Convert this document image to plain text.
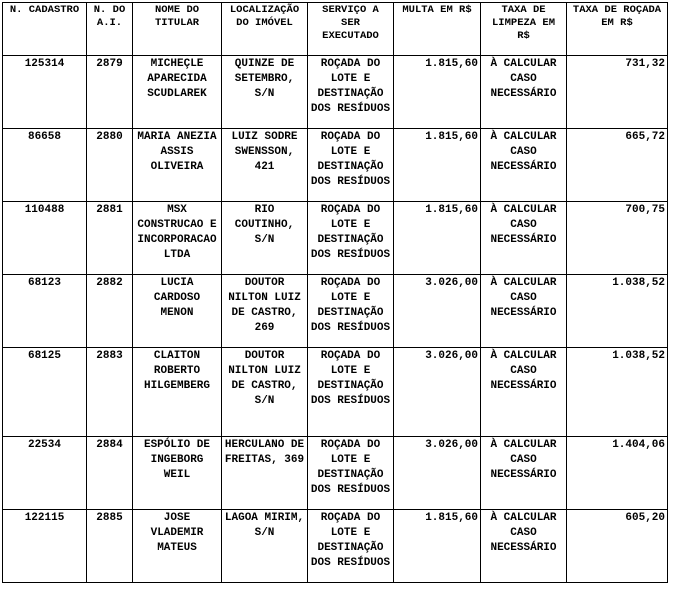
N. CADASTRO	N. DO A.I.	NOME DO TITULAR	LOCALIZAÇÃO DO IMÓVEL	SERVIÇO A SER EXECUTADO	MULTA EM R$	TAXA DE LIMPEZA EM R$	TAXA DE ROÇADA EM R$
125314	2879	MICHEÇLE APARECIDA SCUDLAREK	QUINZE DE SETEMBRO, S/N	ROÇADA DO LOTE E DESTINAÇÃO DOS RESÍDUOS	1.815,60	À CALCULAR CASO NECESSÁRIO	731,32
86658	2880	MARIA ANEZIA ASSIS OLIVEIRA	LUIZ SODRE SWENSSON, 421	ROÇADA DO LOTE E DESTINAÇÃO DOS RESÍDUOS	1.815,60	À CALCULAR CASO NECESSÁRIO	665,72
110488	2881	MSX CONSTRUCAO E INCORPORACAO LTDA	RIO COUTINHO, S/N	ROÇADA DO LOTE E DESTINAÇÃO DOS RESÍDUOS	1.815,60	À CALCULAR CASO NECESSÁRIO	700,75
68123	2882	LUCIA CARDOSO MENON	DOUTOR NILTON LUIZ DE CASTRO, 269	ROÇADA DO LOTE E DESTINAÇÃO DOS RESÍDUOS	3.026,00	À CALCULAR CASO NECESSÁRIO	1.038,52
68125	2883	CLAITON ROBERTO HILGEMBERG	DOUTOR NILTON LUIZ DE CASTRO, S/N	ROÇADA DO LOTE E DESTINAÇÃO DOS RESÍDUOS	3.026,00	À CALCULAR CASO NECESSÁRIO	1.038,52
22534	2884	ESPÓLIO DE INGEBORG WEIL	HERCULANO DE FREITAS, 369	ROÇADA DO LOTE E DESTINAÇÃO DOS RESÍDUOS	3.026,00	À CALCULAR CASO NECESSÁRIO	1.404,06
122115	2885	JOSE VLADEMIR MATEUS	LAGOA MIRIM, S/N	ROÇADA DO LOTE E DESTINAÇÃO DOS RESÍDUOS	1.815,60	À CALCULAR CASO NECESSÁRIO	605,20
